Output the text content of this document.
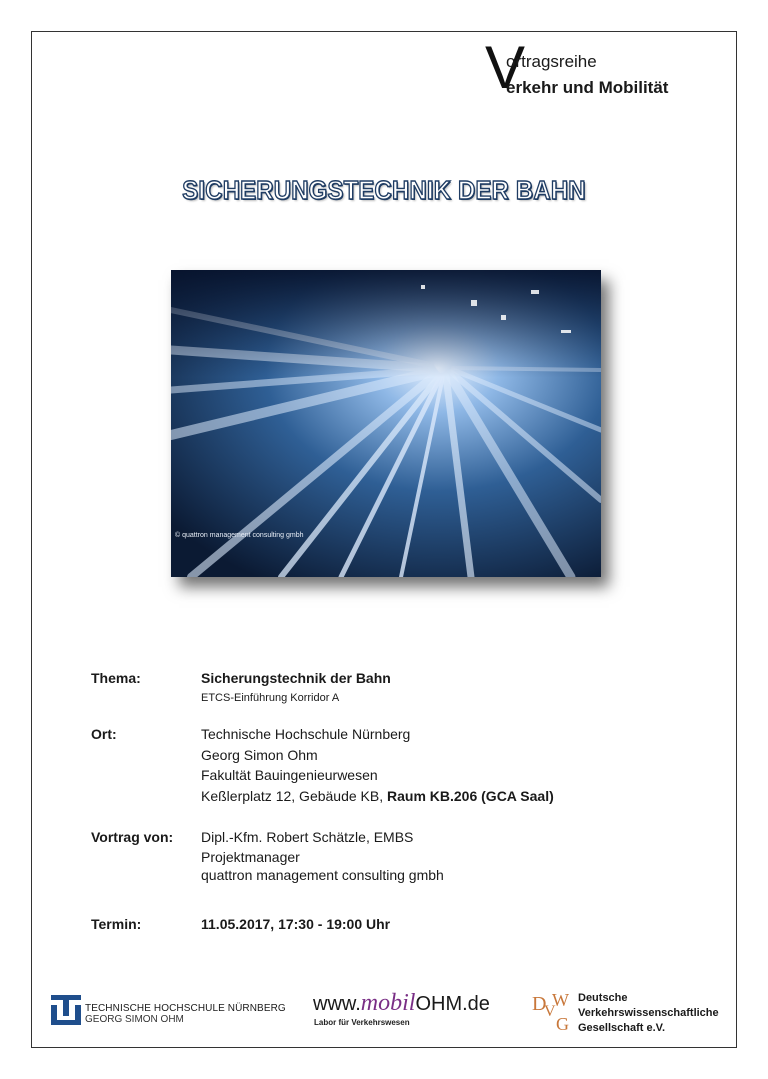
V
ortragsreihe
erkehr und Mobilität
SICHERUNGSTECHNIK DER BAHN
© quattron management consulting gmbh
Thema:	Sicherungstechnik der Bahn
ETCS-Einführung Korridor A
Ort:	Technische Hochschule Nürnberg
Georg Simon Ohm
Fakultät Bauingenieurwesen
Keßlerplatz 12, Gebäude KB, Raum KB.206 (GCA Saal)
Vortrag von: Dipl.-Kfm. Robert Schätzle, EMBS
Projektmanager
quattron management consulting gmbh
Termin:	11.05.2017, 17:30 - 19:00 Uhr
TECHNISCHE HOCHSCHULE NÜRNBERG
GEORG SIMON OHM
www.mobilOHM.de
Labor für Verkehrswesen
D
V
W
G
Deutsche
Verkehrswissenschaftliche
Gesellschaft e.V.
